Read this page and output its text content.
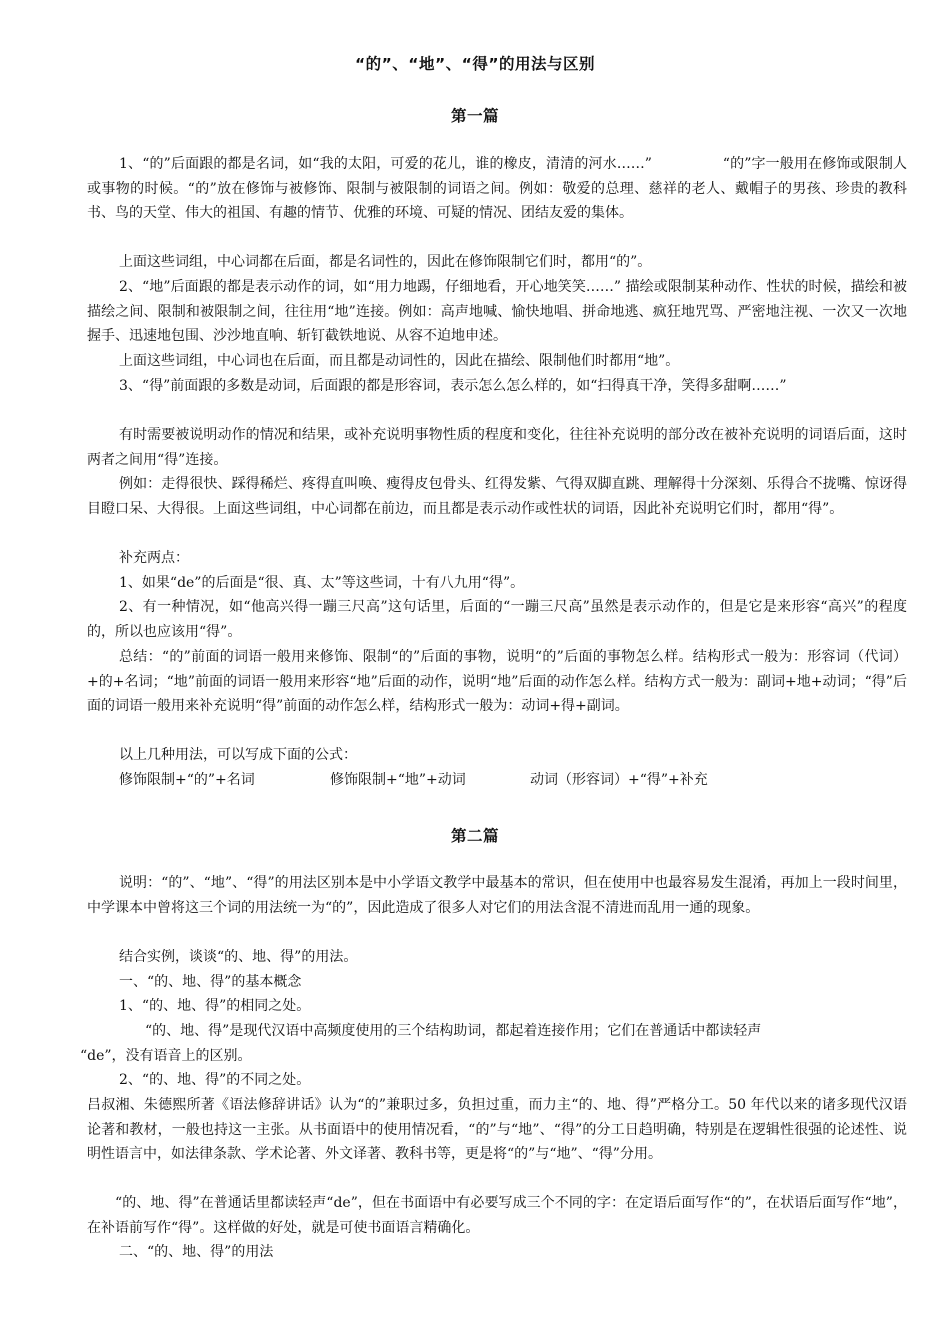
“的”、“地”、“得”的用法与区别
第一篇
1、“的”后面跟的都是名词，如“我的太阳，可爱的花儿，谁的橡皮，清清的河水……”　　　　　“的”字一般用在修饰或限制人或事物的时候。“的”放在修饰与被修饰、限制与被限制的词语之间。例如：敬爱的总理、慈祥的老人、戴帽子的男孩、珍贵的教科书、鸟的天堂、伟大的祖国、有趣的情节、优雅的环境、可疑的情况、团结友爱的集体。
上面这些词组，中心词都在后面，都是名词性的，因此在修饰限制它们时，都用“的”。
2、“地”后面跟的都是表示动作的词，如“用力地踢，仔细地看，开心地笑笑……” 描绘或限制某种动作、性状的时候，描绘和被描绘之间、限制和被限制之间，往往用“地”连接。例如：高声地喊、愉快地唱、拼命地逃、疯狂地咒骂、严密地注视、一次又一次地握手、迅速地包围、沙沙地直响、斩钉截铁地说、从容不迫地申述。
上面这些词组，中心词也在后面，而且都是动词性的，因此在描绘、限制他们时都用“地”。
3、“得”前面跟的多数是动词，后面跟的都是形容词，表示怎么怎么样的，如“扫得真干净，笑得多甜啊……”
有时需要被说明动作的情况和结果，或补充说明事物性质的程度和变化，往往补充说明的部分改在被补充说明的词语后面，这时两者之间用“得”连接。
例如：走得很快、踩得稀烂、疼得直叫唤、瘦得皮包骨头、红得发紫、气得双脚直跳、理解得十分深刻、乐得合不拢嘴、惊讶得目瞪口呆、大得很。上面这些词组，中心词都在前边，而且都是表示动作或性状的词语，因此补充说明它们时，都用“得”。
补充两点：
1、如果“de”的后面是“很、真、太”等这些词，十有八九用“得”。
2、有一种情况，如“他高兴得一蹦三尺高”这句话里，后面的“一蹦三尺高”虽然是表示动作的，但是它是来形容“高兴”的程度的，所以也应该用“得”。
总结：“的”前面的词语一般用来修饰、限制“的”后面的事物，说明“的”后面的事物怎么样。结构形式一般为：形容词（代词）+的+名词；“地”前面的词语一般用来形容“地”后面的动作，说明“地”后面的动作怎么样。结构方式一般为：副词+地+动词；“得”后面的词语一般用来补充说明“得”前面的动作怎么样，结构形式一般为：动词+得+副词。
以上几种用法，可以写成下面的公式：
修饰限制+“的”+名词	修饰限制+“地”+动词	动词（形容词）+“得”+补充
第二篇
说明：“的”、“地”、“得”的用法区别本是中小学语文教学中最基本的常识，但在使用中也最容易发生混淆，再加上一段时间里，中学课本中曾将这三个词的用法统一为“的”，因此造成了很多人对它们的用法含混不清进而乱用一通的现象。
结合实例，谈谈“的、地、得”的用法。
一、“的、地、得”的基本概念
1、“的、地、得”的相同之处。
“的、地、得”是现代汉语中高频度使用的三个结构助词，都起着连接作用；它们在普通话中都读轻声
“de”，没有语音上的区别。
2、“的、地、得”的不同之处。
吕叔湘、朱德熙所著《语法修辞讲话》认为“的”兼职过多，负担过重，而力主“的、地、得”严格分工。50 年代以来的诸多现代汉语论著和教材，一般也持这一主张。从书面语中的使用情况看，“的”与“地”、“得”的分工日趋明确，特别是在逻辑性很强的论述性、说明性语言中，如法律条款、学术论著、外文译著、教科书等，更是将“的”与“地”、“得”分用。
“的、地、得”在普通话里都读轻声“de”，但在书面语中有必要写成三个不同的字：在定语后面写作“的”，在状语后面写作“地”，在补语前写作“得”。这样做的好处，就是可使书面语言精确化。
二、“的、地、得”的用法
